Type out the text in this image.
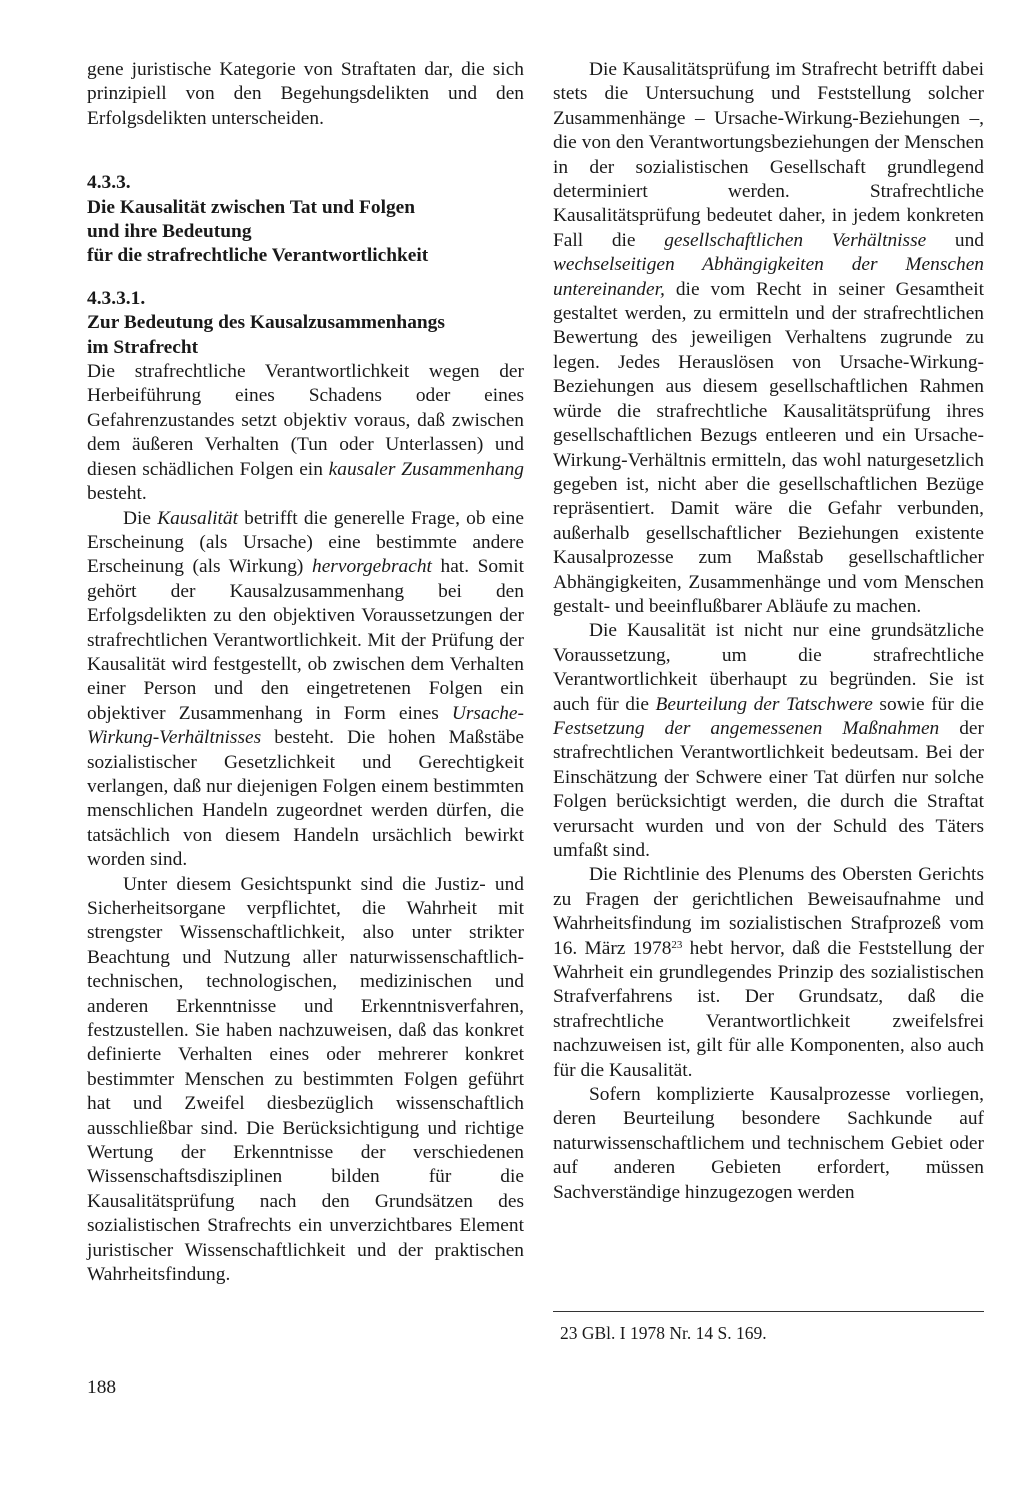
gene juristische Kategorie von Straftaten dar, die sich prinzipiell von den Begehungsdelikten und den Erfolgsdelikten unterscheiden.

4.3.3.
Die Kausalität zwischen Tat und Folgen
und ihre Bedeutung
für die strafrechtliche Verantwortlichkeit
4.3.3.1.
Zur Bedeutung des Kausalzusammenhangs
im Strafrecht

Die strafrechtliche Verantwortlichkeit wegen der Herbeiführung eines Schadens oder eines Gefahrenzustandes setzt objektiv voraus, daß zwischen dem äußeren Verhalten (Tun oder Unterlassen) und diesen schädlichen Folgen ein kausaler Zusammenhang besteht.

Die Kausalität betrifft die generelle Frage, ob eine Erscheinung (als Ursache) eine bestimmte andere Erscheinung (als Wirkung) hervorgebracht hat. Somit gehört der Kausalzusammenhang bei den Erfolgsdelikten zu den objektiven Voraussetzungen der strafrechtlichen Verantwortlichkeit. Mit der Prüfung der Kausalität wird festgestellt, ob zwischen dem Verhalten einer Person und den eingetretenen Folgen ein objektiver Zusammenhang in Form eines Ursache-Wirkung-Verhältnisses besteht. Die hohen Maßstäbe sozialistischer Gesetzlichkeit und Gerechtigkeit verlangen, daß nur diejenigen Folgen einem bestimmten menschlichen Handeln zugeordnet werden dürfen, die tatsächlich von diesem Handeln ursächlich bewirkt worden sind.

Unter diesem Gesichtspunkt sind die Justiz- und Sicherheitsorgane verpflichtet, die Wahrheit mit strengster Wissenschaftlichkeit, also unter strikter Beachtung und Nutzung aller naturwissenschaftlich-technischen, technologischen, medizinischen und anderen Erkenntnisse und Erkenntnisverfahren, festzustellen. Sie haben nachzuweisen, daß das konkret definierte Verhalten eines oder mehrerer konkret bestimmter Menschen zu bestimmten Folgen geführt hat und Zweifel diesbezüglich wissenschaftlich ausschließbar sind. Die Berücksichtigung und richtige Wertung der Erkenntnisse der verschiedenen Wissenschaftsdisziplinen bilden für die Kausalitätsprüfung nach den Grundsätzen des sozialistischen Strafrechts ein unverzichtbares Element juristischer Wissenschaftlichkeit und der praktischen Wahrheitsfindung.

Die Kausalitätsprüfung im Strafrecht betrifft dabei stets die Untersuchung und Feststellung solcher Zusammenhänge – Ursache-Wirkung-Beziehungen –, die von den Verantwortungsbeziehungen der Menschen in der sozialistischen Gesellschaft grundlegend determiniert werden. Strafrechtliche Kausalitätsprüfung bedeutet daher, in jedem konkreten Fall die gesellschaftlichen Verhältnisse und wechselseitigen Abhängigkeiten der Menschen untereinander, die vom Recht in seiner Gesamtheit gestaltet werden, zu ermitteln und der strafrechtlichen Bewertung des jeweiligen Verhaltens zugrunde zu legen. Jedes Herauslösen von Ursache-Wirkung-Beziehungen aus diesem gesellschaftlichen Rahmen würde die strafrechtliche Kausalitätsprüfung ihres gesellschaftlichen Bezugs entleeren und ein Ursache-Wirkung-Verhältnis ermitteln, das wohl naturgesetzlich gegeben ist, nicht aber die gesellschaftlichen Bezüge repräsentiert. Damit wäre die Gefahr verbunden, außerhalb gesellschaftlicher Beziehungen existente Kausalprozesse zum Maßstab gesellschaftlicher Abhängigkeiten, Zusammenhänge und vom Menschen gestalt- und beeinflußbarer Abläufe zu machen.

Die Kausalität ist nicht nur eine grundsätzliche Voraussetzung, um die strafrechtliche Verantwortlichkeit überhaupt zu begründen. Sie ist auch für die Beurteilung der Tatschwere sowie für die Festsetzung der angemessenen Maßnahmen der strafrechtlichen Verantwortlichkeit bedeutsam. Bei der Einschätzung der Schwere einer Tat dürfen nur solche Folgen berücksichtigt werden, die durch die Straftat verursacht wurden und von der Schuld des Täters umfaßt sind.

Die Richtlinie des Plenums des Obersten Gerichts zu Fragen der gerichtlichen Beweisaufnahme und Wahrheitsfindung im sozialistischen Strafprozeß vom 16. März 1978$^{23}$ hebt hervor, daß die Feststellung der Wahrheit ein grundlegendes Prinzip des sozialistischen Strafverfahrens ist. Der Grundsatz, daß die strafrechtliche Verantwortlichkeit zweifelsfrei nachzuweisen ist, gilt für alle Komponenten, also auch für die Kausalität.

Sofern komplizierte Kausalprozesse vorliegen, deren Beurteilung besondere Sachkunde auf naturwissenschaftlichem und technischem Gebiet oder auf anderen Gebieten erfordert, müssen Sachverständige hinzugezogen werden

23 GBl. I 1978 Nr. 14 S. 169.
188
